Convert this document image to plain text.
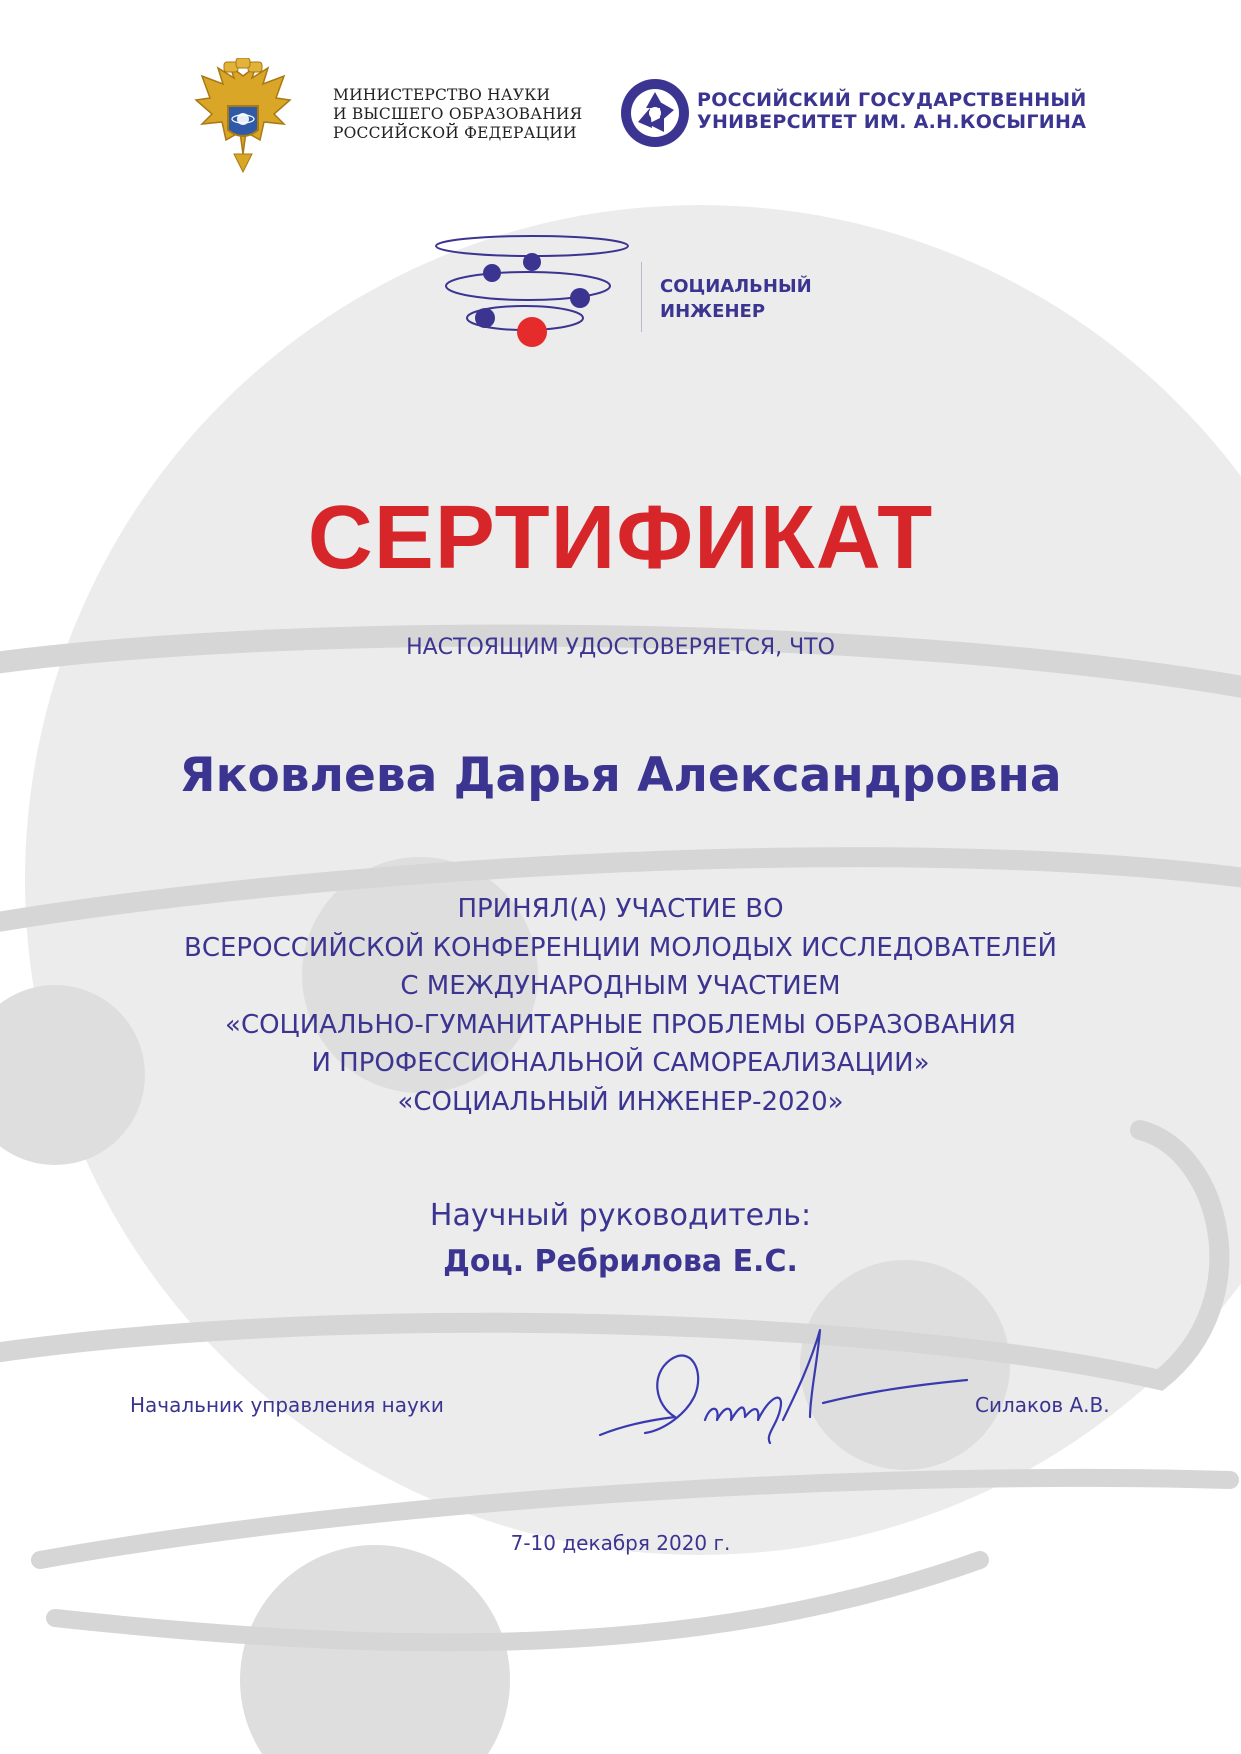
МИНИСТЕРСТВО НАУКИ
И ВЫСШЕГО ОБРАЗОВАНИЯ
РОССИЙСКОЙ ФЕДЕРАЦИИ
РОССИЙСКИЙ ГОСУДАРСТВЕННЫЙ
УНИВЕРСИТЕТ ИМ. А.Н.КОСЫГИНА
СОЦИАЛЬНЫЙ
ИНЖЕНЕР
СЕРТИФИКАТ
НАСТОЯЩИМ УДОСТОВЕРЯЕТСЯ, ЧТО
Яковлева Дарья Александровна
ПРИНЯЛ(А) УЧАСТИЕ ВО
ВСЕРОССИЙСКОЙ КОНФЕРЕНЦИИ МОЛОДЫХ ИССЛЕДОВАТЕЛЕЙ
С МЕЖДУНАРОДНЫМ УЧАСТИЕМ
«СОЦИАЛЬНО-ГУМАНИТАРНЫЕ ПРОБЛЕМЫ ОБРАЗОВАНИЯ
И ПРОФЕССИОНАЛЬНОЙ САМОРЕАЛИЗАЦИИ»
«СОЦИАЛЬНЫЙ ИНЖЕНЕР-2020»
Научный руководитель:
Доц. Ребрилова Е.С.
Начальник управления науки	Силаков А.В.
7-10 декабря 2020 г.
